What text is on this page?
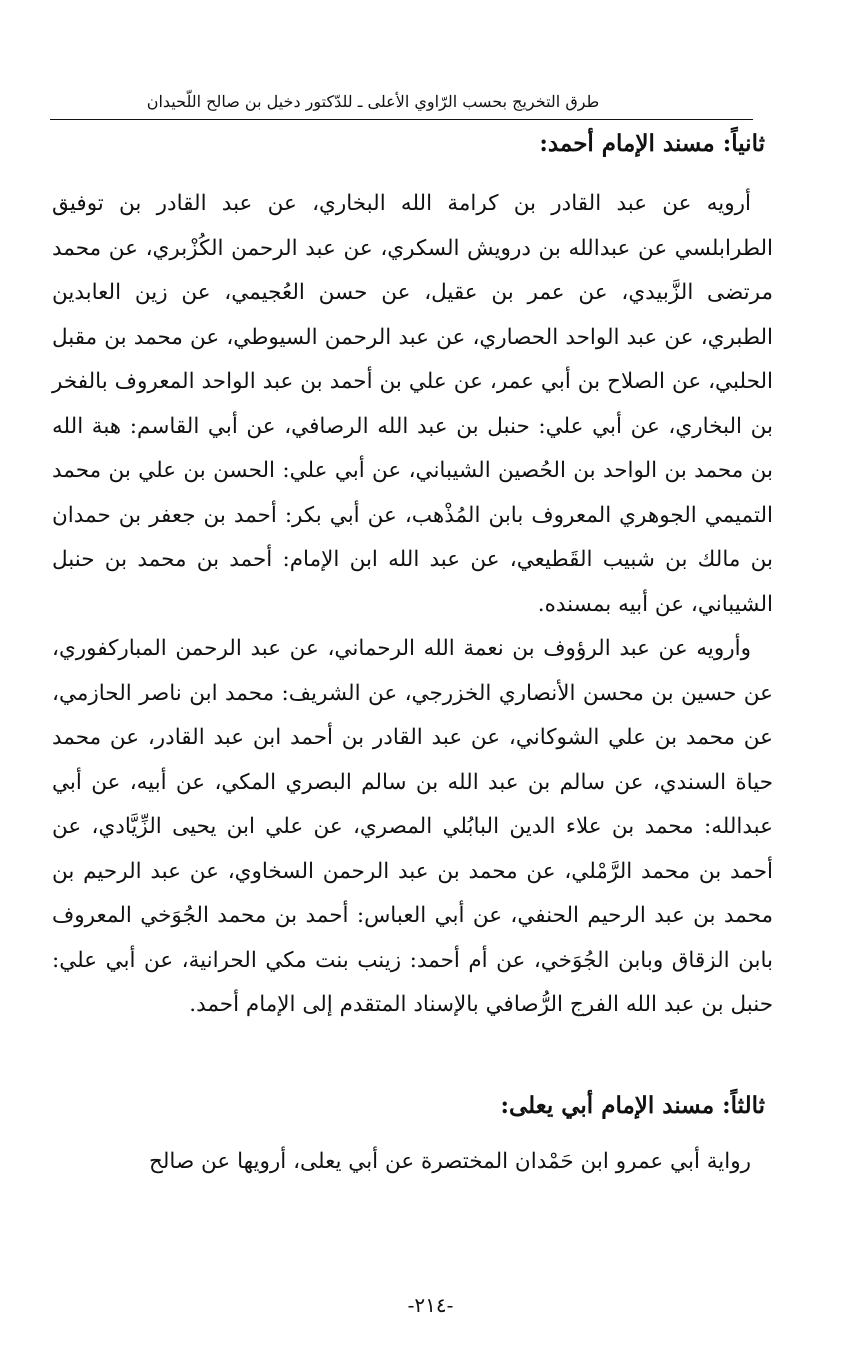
طرق التخريج بحسب الرّاوي الأعلى ـ للدّكتور دخيل بن صالح اللّحيدان
ثانياً: مسند الإمام أحمد:

أرويه عن عبد القادر بن كرامة الله البخاري، عن عبد القادر بن توفيق الطرابلسي عن عبدالله بن درويش السكري، عن عبد الرحمن الكُزْبري، عن محمد مرتضى الزَّبيدي، عن عمر بن عقيل، عن حسن العُجيمي، عن زين العابدين الطبري، عن عبد الواحد الحصاري، عن عبد الرحمن السيوطي، عن محمد بن مقبل الحلبي، عن الصلاح بن أبي عمر، عن علي بن أحمد بن عبد الواحد المعروف بالفخر بن البخاري، عن أبي علي: حنبل بن عبد الله الرصافي، عن أبي القاسم: هبة الله بن محمد بن الواحد بن الحُصين الشيباني، عن أبي علي: الحسن بن علي بن محمد التميمي الجوهري المعروف بابن المُذْهب، عن أبي بكر: أحمد بن جعفر بن حمدان بن مالك بن شبيب القَطيعي، عن عبد الله ابن الإمام: أحمد بن محمد بن حنبل الشيباني، عن أبيه بمسنده.

وأرويه عن عبد الرؤوف بن نعمة الله الرحماني، عن عبد الرحمن المباركفوري، عن حسين بن محسن الأنصاري الخزرجي، عن الشريف: محمد ابن ناصر الحازمي، عن محمد بن علي الشوكاني، عن عبد القادر بن أحمد ابن عبد القادر، عن محمد حياة السندي، عن سالم بن عبد الله بن سالم البصري المكي، عن أبيه، عن أبي عبدالله: محمد بن علاء الدين البابُلي المصري، عن علي ابن يحيى الزِّيَّادي، عن أحمد بن محمد الرَّمْلي، عن محمد بن عبد الرحمن السخاوي، عن عبد الرحيم بن محمد بن عبد الرحيم الحنفي، عن أبي العباس: أحمد بن محمد الجُوَخي المعروف بابن الزقاق وبابن الجُوَخي، عن أم أحمد: زينب بنت مكي الحرانية، عن أبي علي: حنبل بن عبد الله الفرج الرُّصافي بالإسناد المتقدم إلى الإمام أحمد.

ثالثاً: مسند الإمام أبي يعلى:

رواية أبي عمرو ابن حَمْدان المختصرة عن أبي يعلى، أرويها عن صالح

-٢١٤-
